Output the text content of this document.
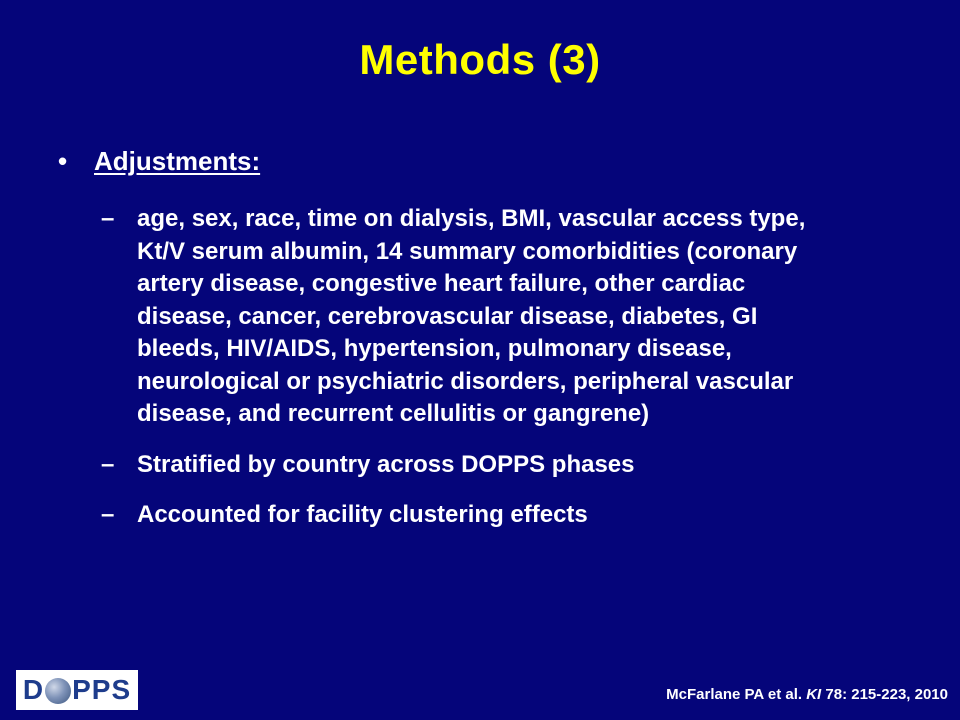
Methods (3)
•	Adjustments:
– age, sex, race, time on dialysis, BMI, vascular access type,
Kt/V serum albumin, 14 summary comorbidities (coronary
artery disease, congestive heart failure, other cardiac
disease, cancer, cerebrovascular disease, diabetes, GI
bleeds, HIV/AIDS, hypertension, pulmonary disease,
neurological or psychiatric disorders, peripheral vascular
disease, and recurrent cellulitis or gangrene)
– Stratified by country across DOPPS phases
– Accounted for facility clustering effects
D PPS	McFarlane PA et al. KI 78: 215-223, 2010
